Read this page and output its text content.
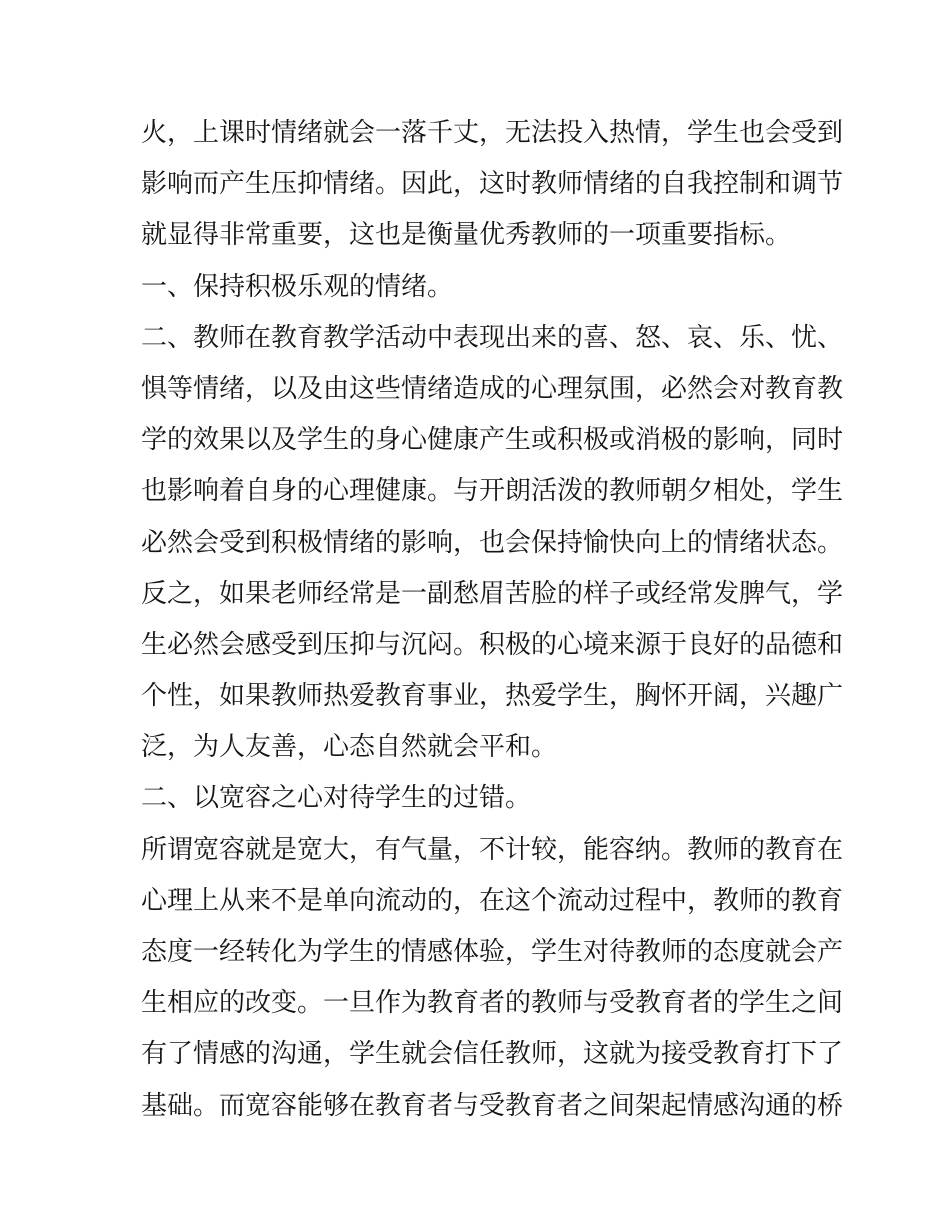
火，上课时情绪就会一落千丈，无法投入热情，学生也会受到
影响而产生压抑情绪。因此，这时教师情绪的自我控制和调节
就显得非常重要，这也是衡量优秀教师的一项重要指标。
一、保持积极乐观的情绪。
二、教师在教育教学活动中表现出来的喜、怒、哀、乐、忧、
惧等情绪，以及由这些情绪造成的心理氛围，必然会对教育教
学的效果以及学生的身心健康产生或积极或消极的影响，同时
也影响着自身的心理健康。与开朗活泼的教师朝夕相处，学生
必然会受到积极情绪的影响，也会保持愉快向上的情绪状态。
反之，如果老师经常是一副愁眉苦脸的样子或经常发脾气，学
生必然会感受到压抑与沉闷。积极的心境来源于良好的品德和
个性，如果教师热爱教育事业，热爱学生，胸怀开阔，兴趣广
泛，为人友善，心态自然就会平和。
二、以宽容之心对待学生的过错。
所谓宽容就是宽大，有气量，不计较，能容纳。教师的教育在
心理上从来不是单向流动的，在这个流动过程中，教师的教育
态度一经转化为学生的情感体验，学生对待教师的态度就会产
生相应的改变。一旦作为教育者的教师与受教育者的学生之间
有了情感的沟通，学生就会信任教师，这就为接受教育打下了
基础。而宽容能够在教育者与受教育者之间架起情感沟通的桥
